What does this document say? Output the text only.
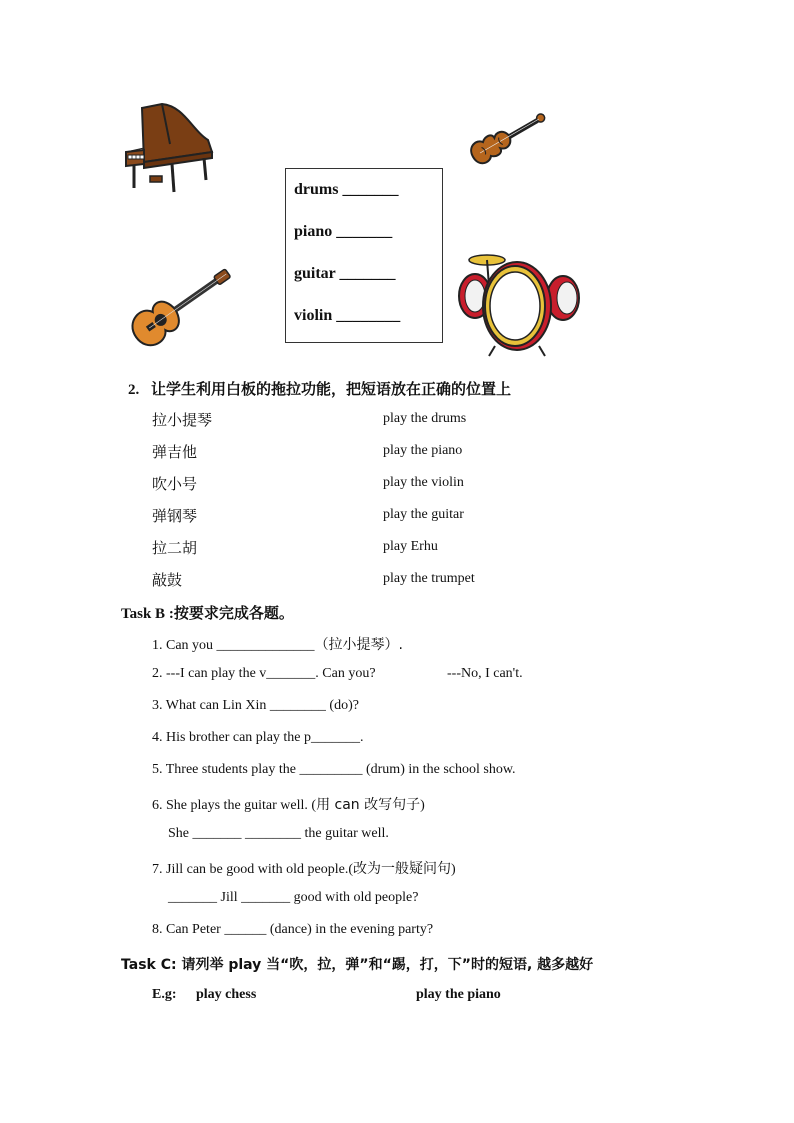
drums _______
piano _______
guitar _______
violin ________
2. 让学生利用白板的拖拉功能，把短语放在正确的位置上
拉小提琴
弹吉他
吹小号
弹钢琴
拉二胡
敲鼓
play the drums
play the piano
play the violin
play the guitar
play Erhu
play the trumpet
Task B :按要求完成各题。
1. Can you ______________（拉小提琴）.
2. ---I can play the v_______. Can you?	---No, I can't.
3. What can Lin Xin ________ (do)?
4. His brother can play the p_______.
5. Three students play the _________ (drum) in the school show.
6. She plays the guitar well. (用 can 改写句子)
She _______ ________ the guitar well.
7. Jill can be good with old people.(改为一般疑问句)
_______ Jill _______ good with old people?
8. Can Peter ______ (dance) in the evening party?
Task C: 请列举 play 当“吹，拉，弹”和“踢，打，下”时的短语, 越多越好
E.g: play chess	play the piano
